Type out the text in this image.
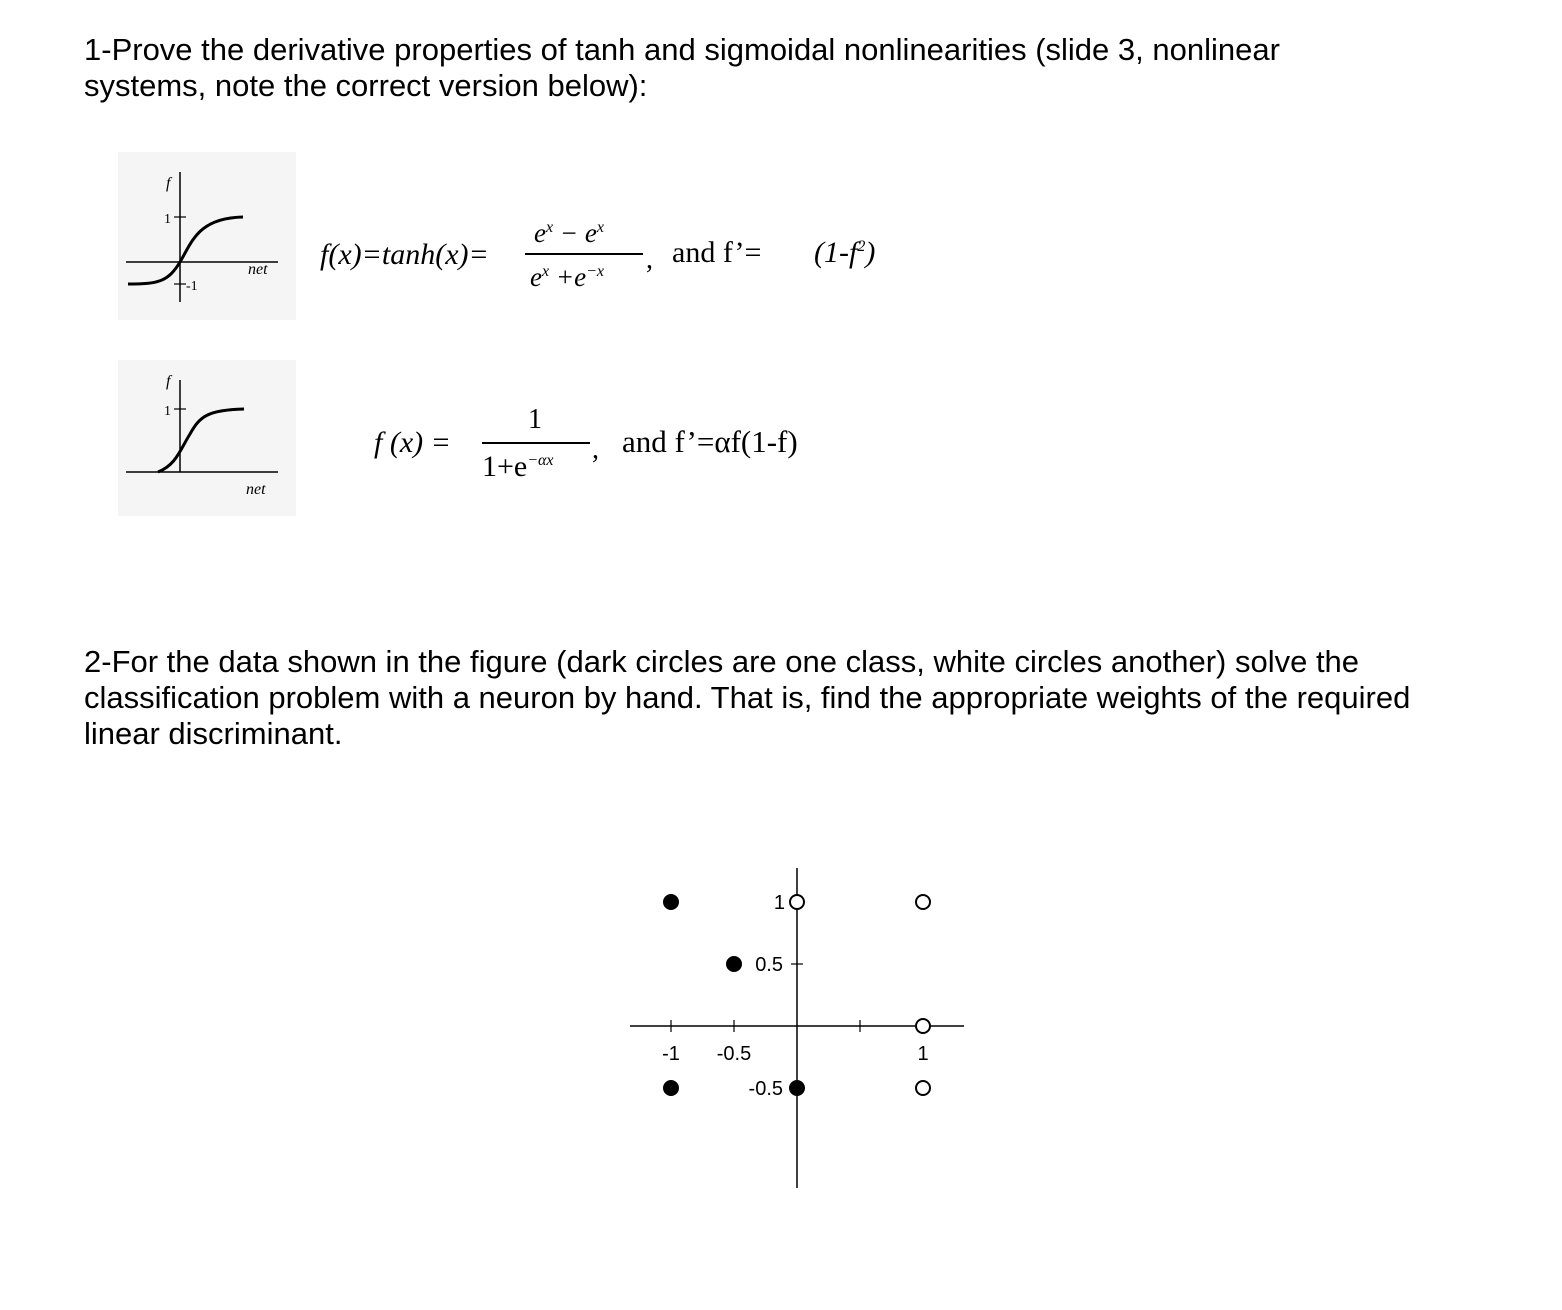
1-Prove the derivative properties of tanh and sigmoidal nonlinearities (slide 3, nonlinear systems, note the correct version below):

f
1
-1
net f(x)=tanh(x)=
$e^x - e^x$
$e^x +e^{-x}$ , and f’= $(1-f^2)$
f
1
net
f (x) =
1
$1+e^{-\alpha x}$ , and f’=αf(1-f)

2-For the data shown in the figure (dark circles are one class, white circles another) solve the classification problem with a neuron by hand. That is, find the appropriate weights of the required linear discriminant.

-1 -0.5	1
1
0.5
-0.5
